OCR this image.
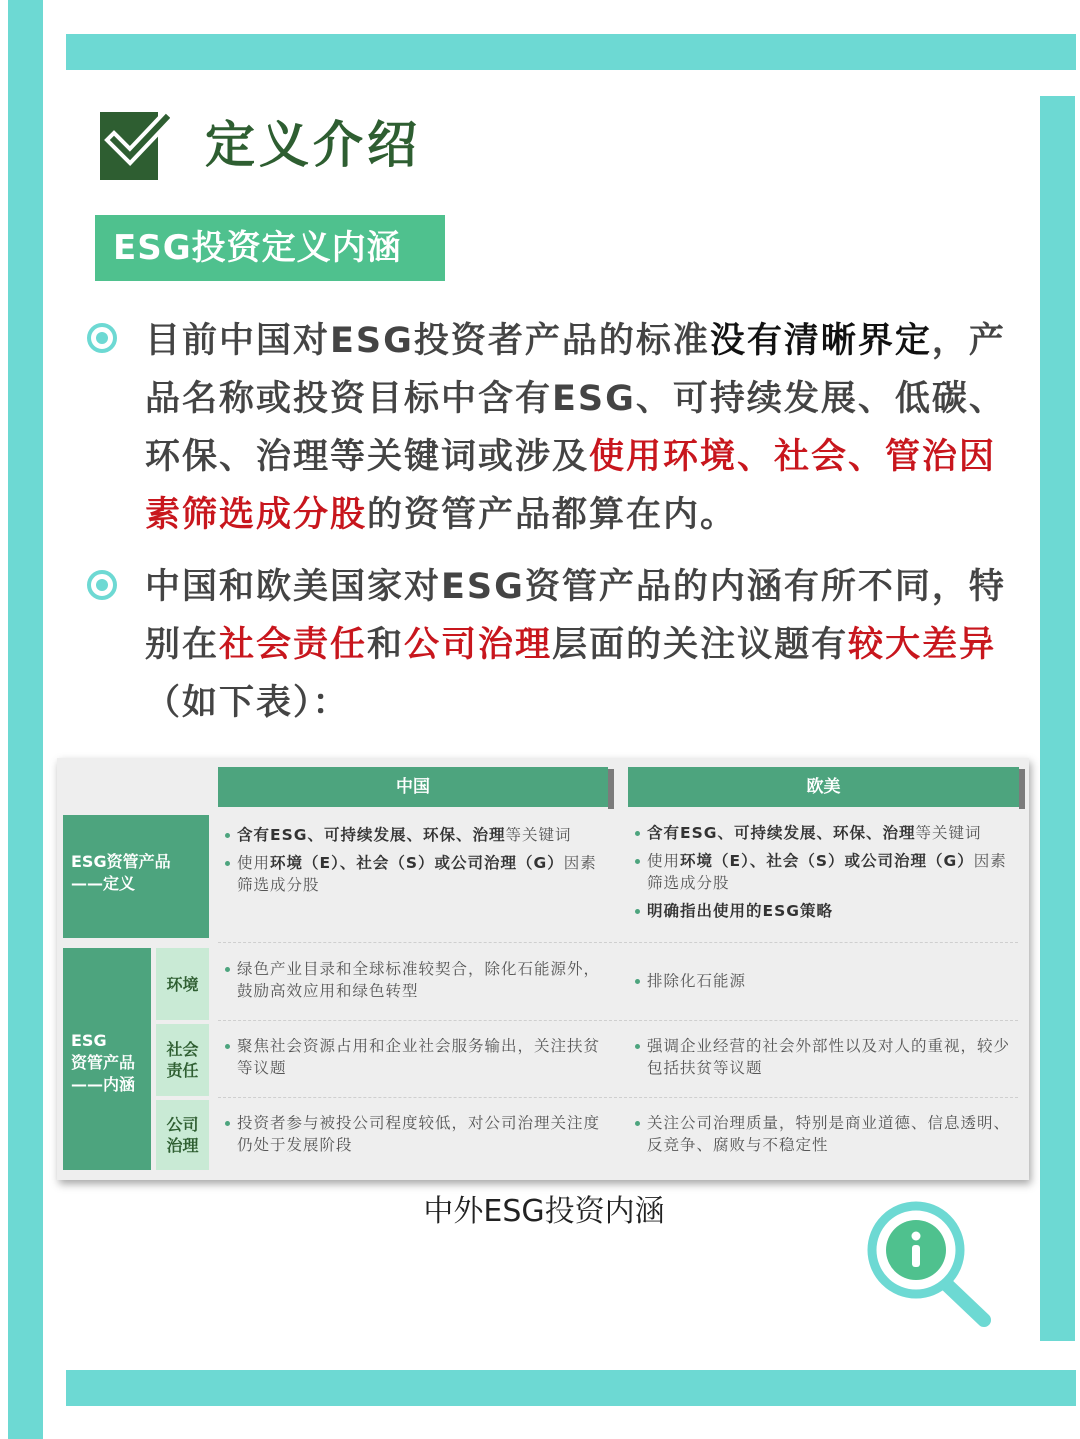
定义介绍
ESG投资定义内涵
目前中国对ESG投资者产品的标准没有清晰界定，产品名称或投资目标中含有ESG、可持续发展、低碳、环保、治理等关键词或涉及使用环境、社会、管治因素筛选成分股的资管产品都算在内。
中国和欧美国家对ESG资管产品的内涵有所不同，特别在社会责任和公司治理层面的关注议题有较大差异（如下表）：
中国	欧美
ESG资管产品
——定义
ESG
资管产品
——内涵
环境
社会
责任
公司
治理
含有ESG、可持续发展、环保、治理等关键词
使用环境（E）、社会（S）或公司治理（G）因素筛选成分股
含有ESG、可持续发展、环保、治理等关键词
使用环境（E）、社会（S）或公司治理（G）因素筛选成分股
明确指出使用的ESG策略
绿色产业目录和全球标准较契合，除化石能源外，鼓励高效应用和绿色转型
排除化石能源
聚焦社会资源占用和企业社会服务输出，关注扶贫等议题
强调企业经营的社会外部性以及对人的重视，较少包括扶贫等议题
投资者参与被投公司程度较低，对公司治理关注度仍处于发展阶段
关注公司治理质量，特别是商业道德、信息透明、反竞争、腐败与不稳定性
中外ESG投资内涵
